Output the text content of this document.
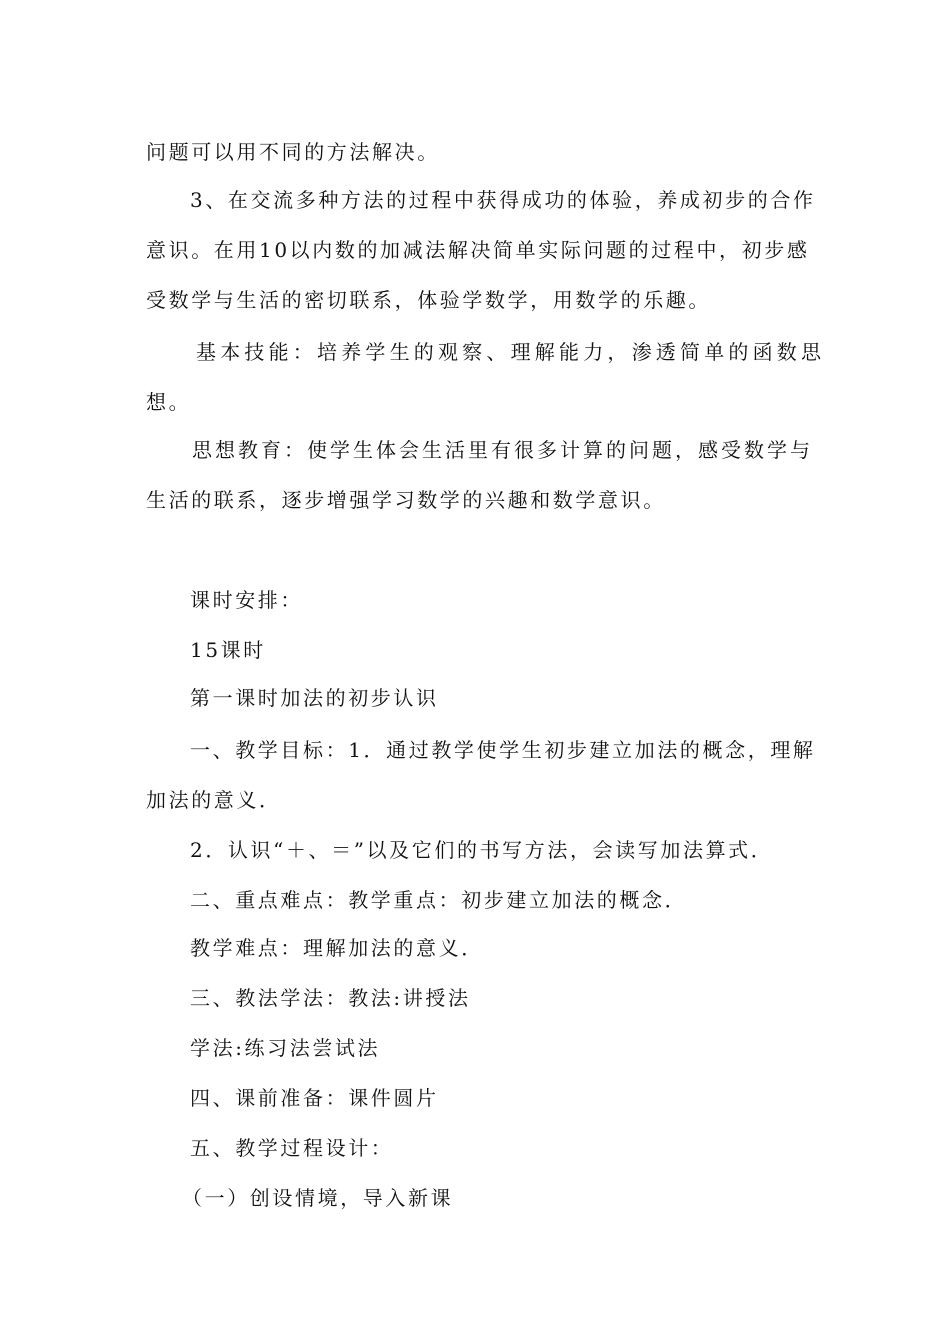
问题可以用不同的方法解决。
3、在交流多种方法的过程中获得成功的体验，养成初步的合作
意识。在用10以内数的加减法解决简单实际问题的过程中，初步感
受数学与生活的密切联系，体验学数学，用数学的乐趣。
基本技能：培养学生的观察、理解能力，渗透简单的函数思
想。
思想教育：使学生体会生活里有很多计算的问题，感受数学与
生活的联系，逐步增强学习数学的兴趣和数学意识。
课时安排：
15课时
第一课时加法的初步认识
一、教学目标：1．通过教学使学生初步建立加法的概念，理解
加法的意义．
2．认识“＋、＝”以及它们的书写方法，会读写加法算式．
二、重点难点：教学重点：初步建立加法的概念．
教学难点：理解加法的意义．
三、教法学法：教法:讲授法
学法:练习法尝试法
四、课前准备：课件圆片
五、教学过程设计：
（一）创设情境，导入新课
